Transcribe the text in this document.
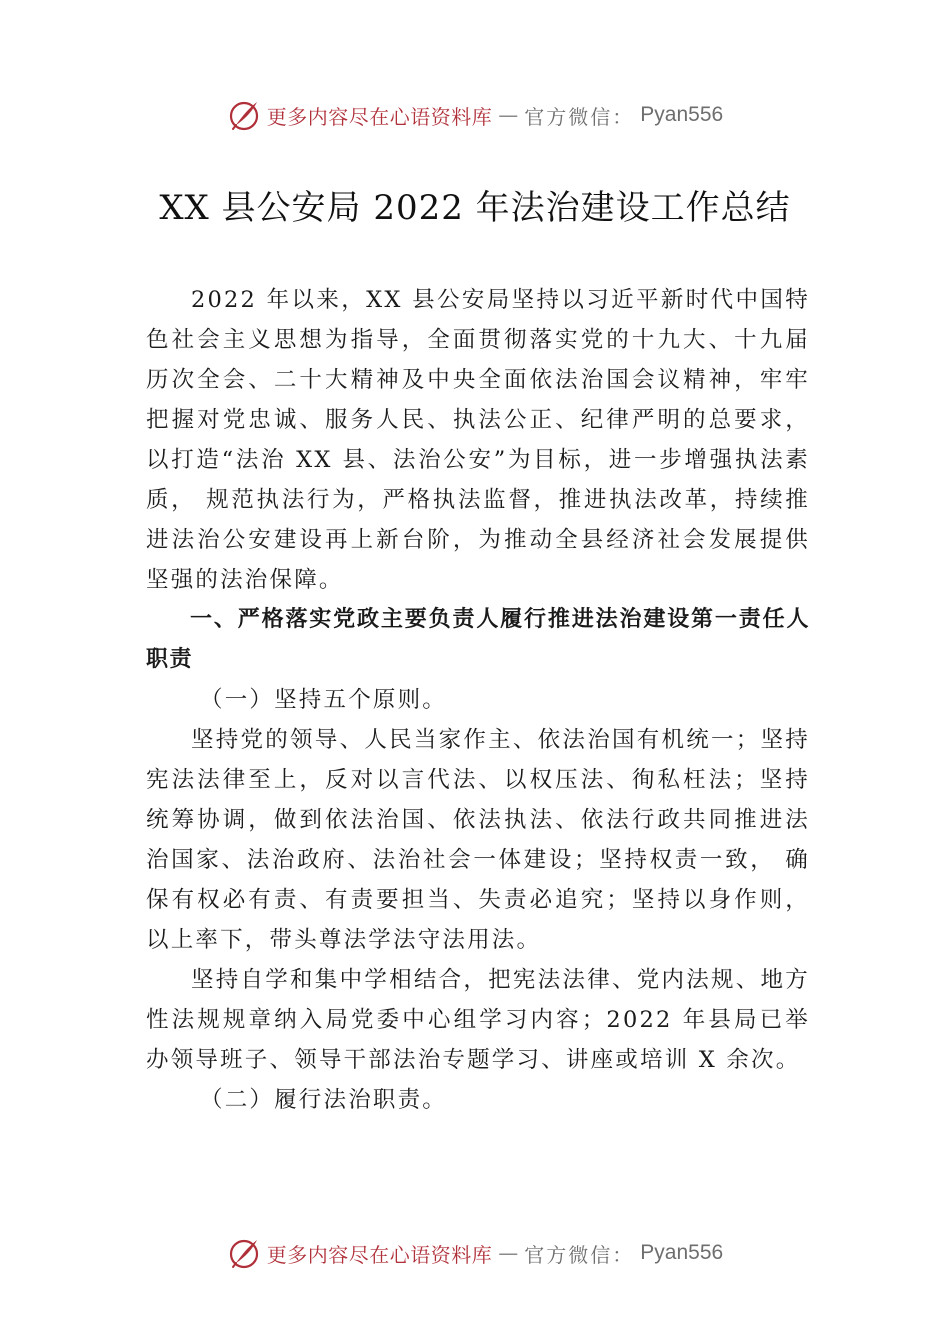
更多内容尽在心语资料库 — 官方微信： Pyan556
XX 县公安局 2022 年法治建设工作总结

2022 年以来，XX 县公安局坚持以习近平新时代中国特色社会主义思想为指导，全面贯彻落实党的十九大、十九届历次全会、二十大精神及中央全面依法治国会议精神，牢牢把握对党忠诚、服务人民、执法公正、纪律严明的总要求，以打造“法治 XX 县、法治公安”为目标，进一步增强执法素质， 规范执法行为，严格执法监督，推进执法改革，持续推进法治公安建设再上新台阶，为推动全县经济社会发展提供坚强的法治保障。

一、严格落实党政主要负责人履行推进法治建设第一责任人职责

（一）坚持五个原则。

坚持党的领导、人民当家作主、依法治国有机统一；坚持宪法法律至上，反对以言代法、以权压法、徇私枉法；坚持统筹协调，做到依法治国、依法执法、依法行政共同推进法治国家、法治政府、法治社会一体建设；坚持权责一致， 确保有权必有责、有责要担当、失责必追究；坚持以身作则， 以上率下，带头尊法学法守法用法。

坚持自学和集中学相结合，把宪法法律、党内法规、地方性法规规章纳入局党委中心组学习内容；2022 年县局已举办领导班子、领导干部法治专题学习、讲座或培训 X 余次。

（二）履行法治职责。

更多内容尽在心语资料库 — 官方微信： Pyan556
